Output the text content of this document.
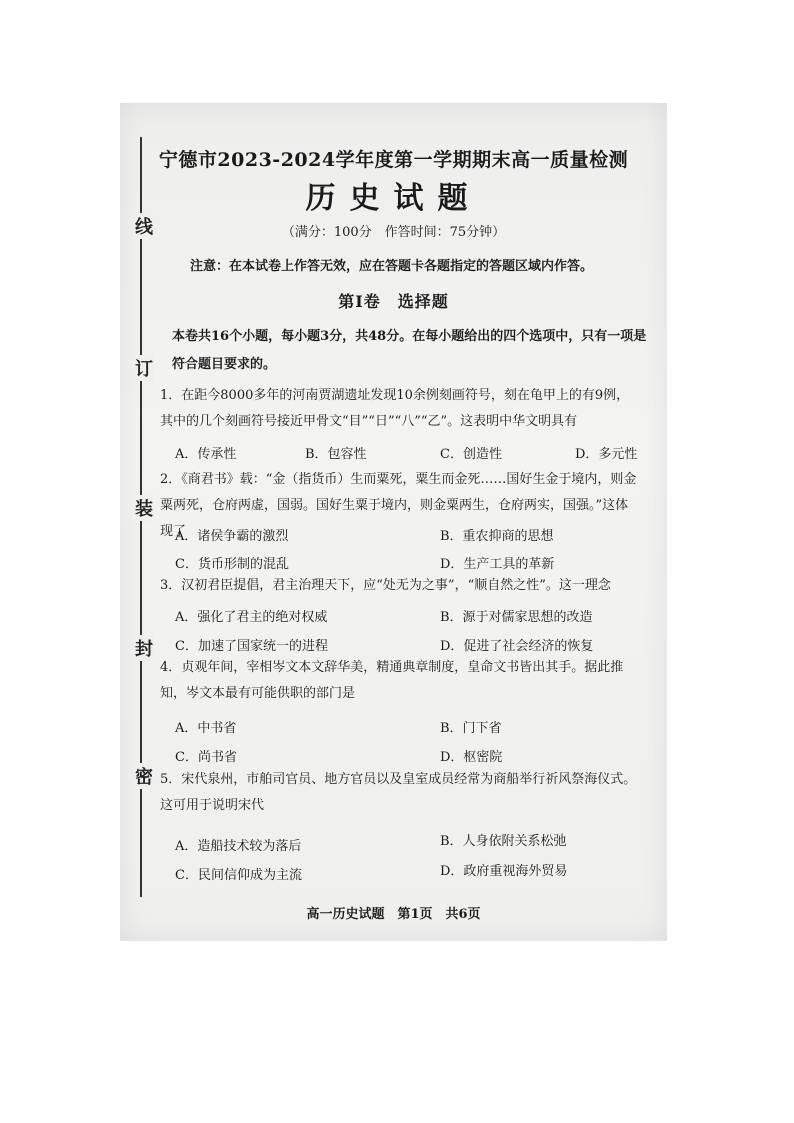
线
订
装
封
密
宁德市2023-2024学年度第一学期期末高一质量检测
历史试题
（满分：100分　作答时间：75分钟）
注意：在本试卷上作答无效，应在答题卡各题指定的答题区域内作答。
第Ⅰ卷　选择题
本卷共16个小题，每小题3分，共48分。在每小题给出的四个选项中，只有一项是符合题目要求的。
1．在距今8000多年的河南贾湖遗址发现10余例刻画符号，刻在龟甲上的有9例，其中的几个刻画符号接近甲骨文“目”“日”“八”“乙”。这表明中华文明具有
A．传承性	B．包容性	C．创造性	D．多元性
2．《商君书》载：“金（指货币）生而粟死，粟生而金死……国好生金于境内，则金粟两死，仓府两虚，国弱。国好生粟于境内，则金粟两生，仓府两实，国强。”这体现了
A．诸侯争霸的激烈	B．重农抑商的思想
C．货币形制的混乱	D．生产工具的革新
3．汉初君臣提倡，君主治理天下，应“处无为之事”，“顺自然之性”。这一理念
A．强化了君主的绝对权威	B．源于对儒家思想的改造
C．加速了国家统一的进程	D．促进了社会经济的恢复
4．贞观年间，宰相岑文本文辞华美，精通典章制度，皇命文书皆出其手。据此推知，岑文本最有可能供职的部门是
A．中书省	B．门下省
C．尚书省	D．枢密院
5．宋代泉州，市舶司官员、地方官员以及皇室成员经常为商船举行祈风祭海仪式。这可用于说明宋代
A．造船技术较为落后	B．人身依附关系松弛
C．民间信仰成为主流	D．政府重视海外贸易
高一历史试题　第1页　共6页
